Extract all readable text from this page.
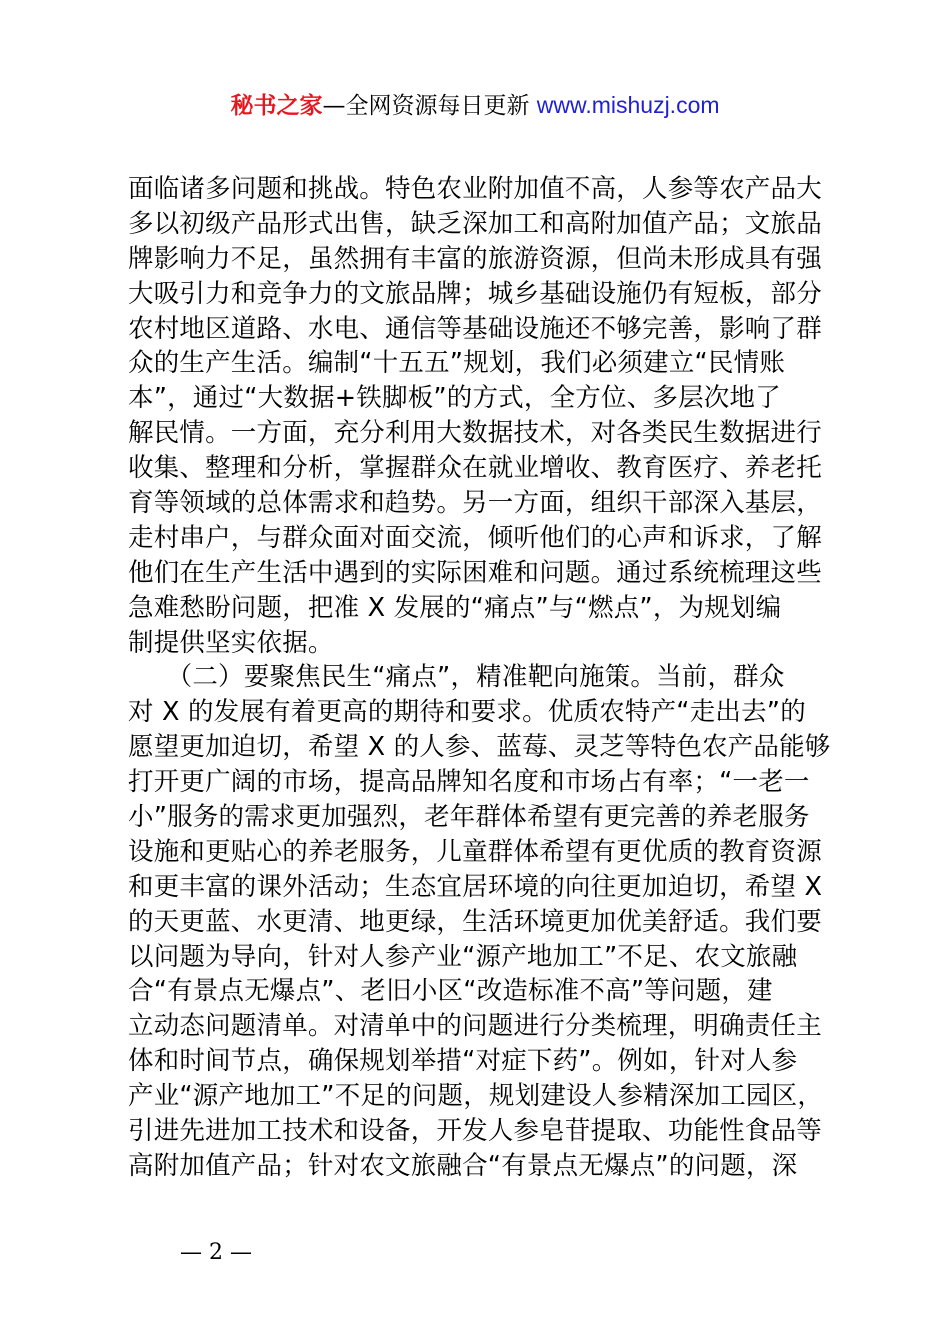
秘书之家—全网资源每日更新 www.mishuzj.com
面临诸多问题和挑战。特色农业附加值不高，人参等农产品大
多以初级产品形式出售，缺乏深加工和高附加值产品；文旅品
牌影响力不足，虽然拥有丰富的旅游资源，但尚未形成具有强
大吸引力和竞争力的文旅品牌；城乡基础设施仍有短板，部分
农村地区道路、水电、通信等基础设施还不够完善，影响了群
众的生产生活。编制“十五五”规划，我们必须建立“民情账
本”，通过“大数据+铁脚板”的方式，全方位、多层次地了
解民情。一方面，充分利用大数据技术，对各类民生数据进行
收集、整理和分析，掌握群众在就业增收、教育医疗、养老托
育等领域的总体需求和趋势。另一方面，组织干部深入基层，
走村串户，与群众面对面交流，倾听他们的心声和诉求，了解
他们在生产生活中遇到的实际困难和问题。通过系统梳理这些
急难愁盼问题，把准 X 发展的“痛点”与“燃点”，为规划编
制提供坚实依据。
　　（二）要聚焦民生“痛点”，精准靶向施策。当前，群众
对 X 的发展有着更高的期待和要求。优质农特产“走出去”的
愿望更加迫切，希望 X 的人参、蓝莓、灵芝等特色农产品能够
打开更广阔的市场，提高品牌知名度和市场占有率；“一老一
小”服务的需求更加强烈，老年群体希望有更完善的养老服务
设施和更贴心的养老服务，儿童群体希望有更优质的教育资源
和更丰富的课外活动；生态宜居环境的向往更加迫切，希望 X
的天更蓝、水更清、地更绿，生活环境更加优美舒适。我们要
以问题为导向，针对人参产业“源产地加工”不足、农文旅融
合“有景点无爆点”、老旧小区“改造标准不高”等问题，建
立动态问题清单。对清单中的问题进行分类梳理，明确责任主
体和时间节点，确保规划举措“对症下药”。例如，针对人参
产业“源产地加工”不足的问题，规划建设人参精深加工园区，
引进先进加工技术和设备，开发人参皂苷提取、功能性食品等
高附加值产品；针对农文旅融合“有景点无爆点”的问题，深
— 2 —
